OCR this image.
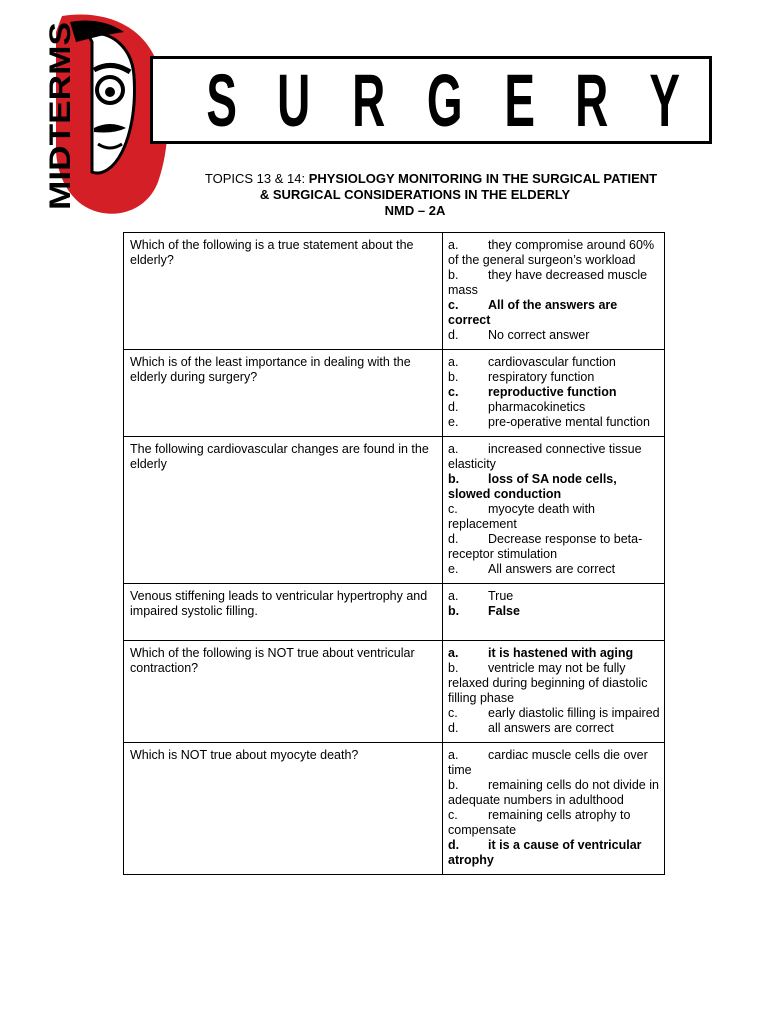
MIDTERMS S U R G E R Y
TOPICS 13 & 14: PHYSIOLOGY MONITORING IN THE SURGICAL PATIENT
& SURGICAL CONSIDERATIONS IN THE ELDERLY
NMD – 2A
Which of the following is a true statement about the elderly?	a. they compromise around 60% of the general surgeon’s workload
b. they have decreased muscle mass
c. All of the answers are correct
d. No correct answer

Which is of the least importance in dealing with the elderly during surgery?	a. cardiovascular function
b. respiratory function
c. reproductive function
d. pharmacokinetics
e. pre-operative mental function

The following cardiovascular changes are found in the elderly	a. increased connective tissue elasticity
b. loss of SA node cells, slowed conduction
c. myocyte death with replacement
d. Decrease response to beta-receptor stimulation
e. All answers are correct

Venous stiffening leads to ventricular hypertrophy and impaired systolic filling.	a. True
b. False

Which of the following is NOT true about ventricular contraction?	a. it is hastened with aging
b. ventricle may not be fully relaxed during beginning of diastolic filling phase
c. early diastolic filling is impaired
d. all answers are correct

Which is NOT true about myocyte death?	a. cardiac muscle cells die over time
b. remaining cells do not divide in adequate numbers in adulthood
c. remaining cells atrophy to compensate
d. it is a cause of ventricular atrophy
